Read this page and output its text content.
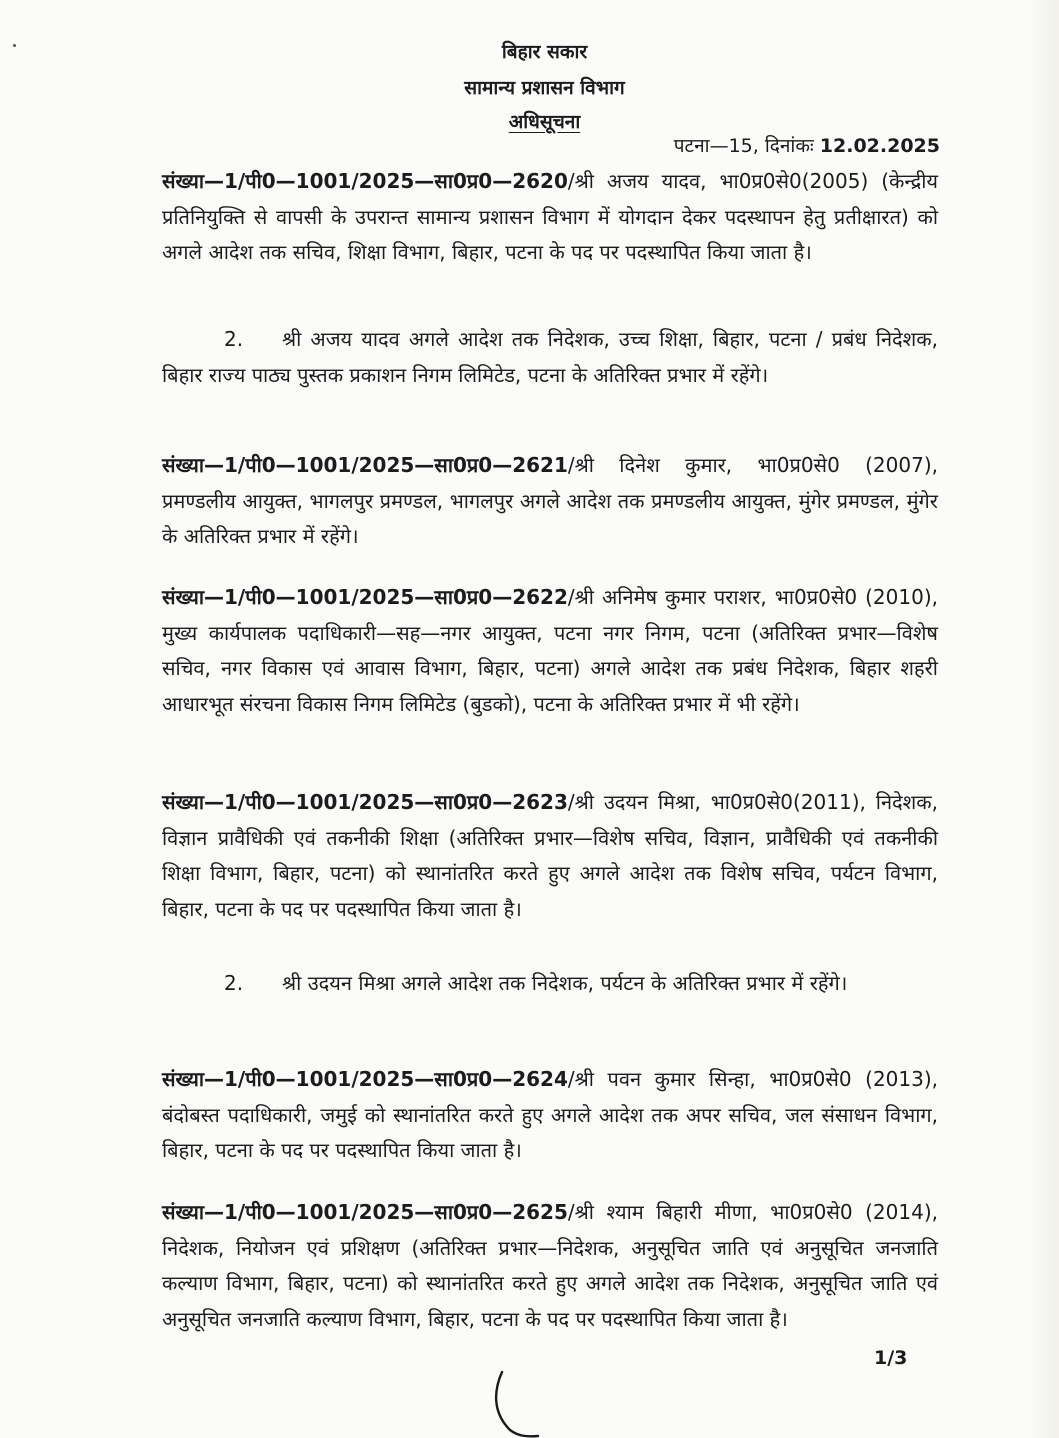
बिहार सकार

सामान्य प्रशासन विभाग

अधिसूचना

पटना—15, दिनांकः 12.02.2025

संख्या—1/पी0—1001/2025—सा0प्र0—2620/श्री अजय यादव, भा0प्र0से0(2005) (केन्द्रीय प्रतिनियुक्ति से वापसी के उपरान्त सामान्य प्रशासन विभाग में योगदान देकर पदस्थापन हेतु प्रतीक्षारत) को अगले आदेश तक सचिव, शिक्षा विभाग, बिहार, पटना के पद पर पदस्थापित किया जाता है।

2. श्री अजय यादव अगले आदेश तक निदेशक, उच्च शिक्षा, बिहार, पटना / प्रबंध निदेशक, बिहार राज्य पाठ्य पुस्तक प्रकाशन निगम लिमिटेड, पटना के अतिरिक्त प्रभार में रहेंगे।

संख्या—1/पी0—1001/2025—सा0प्र0—2621/श्री दिनेश कुमार, भा0प्र0से0 (2007), प्रमण्डलीय आयुक्त, भागलपुर प्रमण्डल, भागलपुर अगले आदेश तक प्रमण्डलीय आयुक्त, मुंगेर प्रमण्डल, मुंगेर के अतिरिक्त प्रभार में रहेंगे।

संख्या—1/पी0—1001/2025—सा0प्र0—2622/श्री अनिमेष कुमार पराशर, भा0प्र0से0 (2010), मुख्य कार्यपालक पदाधिकारी—सह—नगर आयुक्त, पटना नगर निगम, पटना (अतिरिक्त प्रभार—विशेष सचिव, नगर विकास एवं आवास विभाग, बिहार, पटना) अगले आदेश तक प्रबंध निदेशक, बिहार शहरी आधारभूत संरचना विकास निगम लिमिटेड (बुडको), पटना के अतिरिक्त प्रभार में भी रहेंगे।

संख्या—1/पी0—1001/2025—सा0प्र0—2623/श्री उदयन मिश्रा, भा0प्र0से0(2011), निदेशक, विज्ञान प्रावैधिकी एवं तकनीकी शिक्षा (अतिरिक्त प्रभार—विशेष सचिव, विज्ञान, प्रावैधिकी एवं तकनीकी शिक्षा विभाग, बिहार, पटना) को स्थानांतरित करते हुए अगले आदेश तक विशेष सचिव, पर्यटन विभाग, बिहार, पटना के पद पर पदस्थापित किया जाता है।

2. श्री उदयन मिश्रा अगले आदेश तक निदेशक, पर्यटन के अतिरिक्त प्रभार में रहेंगे।

संख्या—1/पी0—1001/2025—सा0प्र0—2624/श्री पवन कुमार सिन्हा, भा0प्र0से0 (2013), बंदोबस्त पदाधिकारी, जमुई को स्थानांतरित करते हुए अगले आदेश तक अपर सचिव, जल संसाधन विभाग, बिहार, पटना के पद पर पदस्थापित किया जाता है।

संख्या—1/पी0—1001/2025—सा0प्र0—2625/श्री श्याम बिहारी मीणा, भा0प्र0से0 (2014), निदेशक, नियोजन एवं प्रशिक्षण (अतिरिक्त प्रभार—निदेशक, अनुसूचित जाति एवं अनुसूचित जनजाति कल्याण विभाग, बिहार, पटना) को स्थानांतरित करते हुए अगले आदेश तक निदेशक, अनुसूचित जाति एवं अनुसूचित जनजाति कल्याण विभाग, बिहार, पटना के पद पर पदस्थापित किया जाता है।

1/3
